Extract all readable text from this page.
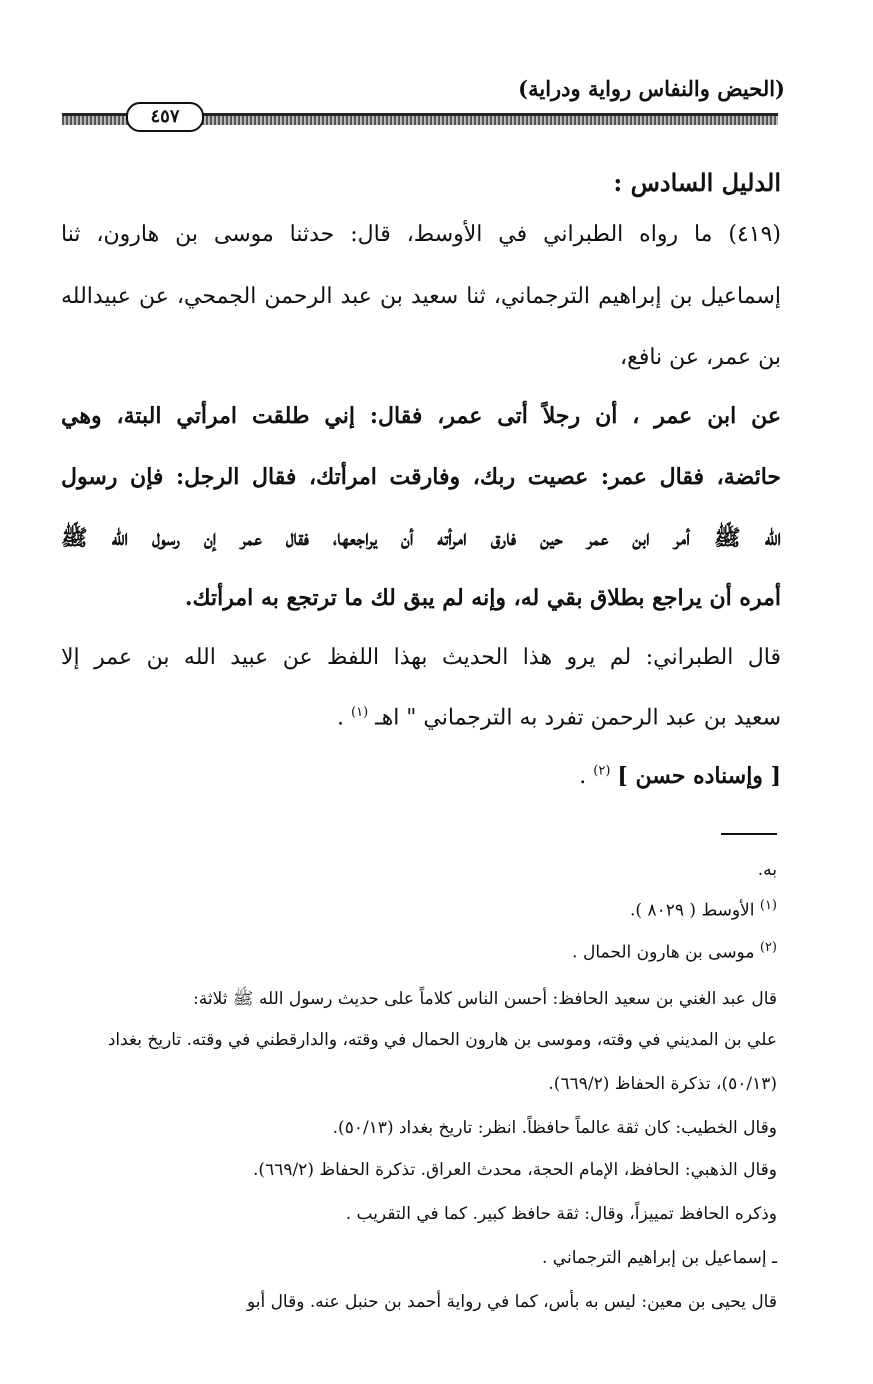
(الحيض والنفاس رواية ودراية)
٤٥٧
الدليل السادس :
(٤١٩) ما رواه الطبراني في الأوسط، قال: حدثنا موسى بن هارون، ثنا
إسماعيل بن إبراهيم الترجماني، ثنا سعيد بن عبد الرحمن الجمحي، عن عبيدالله
بن عمر، عن نافع،
عن ابن عمر ، أن رجلاً أتى عمر، فقال: إني طلقت امرأتي البتة، وهي
حائضة، فقال عمر: عصيت ربك، وفارقت امرأتك، فقال الرجل: فإن رسول
الله ﷺ أمر ابن عمر حين فارق امرأته أن يراجعها، فقال عمر إن رسول الله ﷺ
أمره أن يراجع بطلاق بقي له، وإنه لم يبق لك ما ترتجع به امرأتك.
قال الطبراني: لم يرو هذا الحديث بهذا اللفظ عن عبيد الله بن عمر إلا
سعيد بن عبد الرحمن تفرد به الترجماني " اهـ $^{(١)}$ .
[ وإسناده حسن ] $^{(٢)}$ .
به.
$^{(١)}$ الأوسط ( ٨٠٢٩ ).
$^{(٢)}$ موسى بن هارون الحمال .
قال عبد الغني بن سعيد الحافظ: أحسن الناس كلاماً على حديث رسول الله ﷺ ثلاثة:
علي بن المديني في وقته، وموسى بن هارون الحمال في وقته، والدارقطني في وقته. تاريخ بغداد
(٥٠/١٣)، تذكرة الحفاظ (٦٦٩/٢).
وقال الخطيب: كان ثقة عالماً حافظاً. انظر: تاريخ بغداد (٥٠/١٣).
وقال الذهبي: الحافظ، الإمام الحجة، محدث العراق. تذكرة الحفاظ (٦٦٩/٢).
وذكره الحافظ تمييزاً، وقال: ثقة حافظ كبير. كما في التقريب .
ـ إسماعيل بن إبراهيم الترجماني .
قال يحيى بن معين: ليس به بأس، كما في رواية أحمد بن حنبل عنه. وقال أبو
